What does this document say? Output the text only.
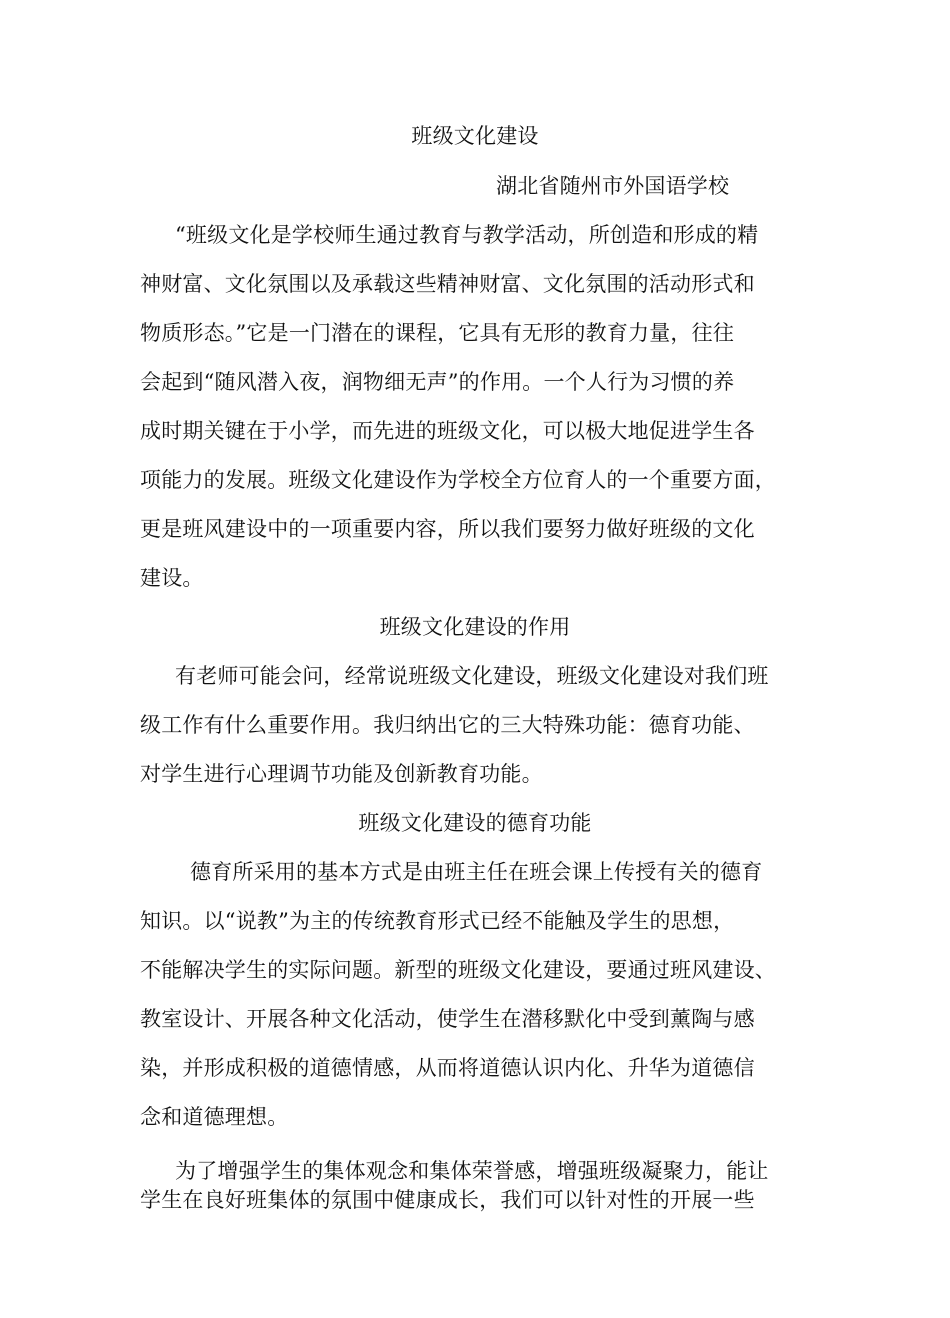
班级文化建设
湖北省随州市外国语学校
“班级文化是学校师生通过教育与教学活动，所创造和形成的精
神财富、文化氛围以及承载这些精神财富、文化氛围的活动形式和
物质形态。”它是一门潜在的课程，它具有无形的教育力量，往往
会起到“随风潜入夜，润物细无声”的作用。一个人行为习惯的养
成时期关键在于小学，而先进的班级文化，可以极大地促进学生各
项能力的发展。班级文化建设作为学校全方位育人的一个重要方面，
更是班风建设中的一项重要内容，所以我们要努力做好班级的文化
建设。
班级文化建设的作用
有老师可能会问，经常说班级文化建设，班级文化建设对我们班
级工作有什么重要作用。我归纳出它的三大特殊功能：德育功能、
对学生进行心理调节功能及创新教育功能。
班级文化建设的德育功能
德育所采用的基本方式是由班主任在班会课上传授有关的德育
知识。以“说教”为主的传统教育形式已经不能触及学生的思想，
不能解决学生的实际问题。新型的班级文化建设，要通过班风建设、
教室设计、开展各种文化活动，使学生在潜移默化中受到薰陶与感
染，并形成积极的道德情感，从而将道德认识内化、升华为道德信
念和道德理想。
为了增强学生的集体观念和集体荣誉感，增强班级凝聚力，能让
学生在良好班集体的氛围中健康成长，我们可以针对性的开展一些
